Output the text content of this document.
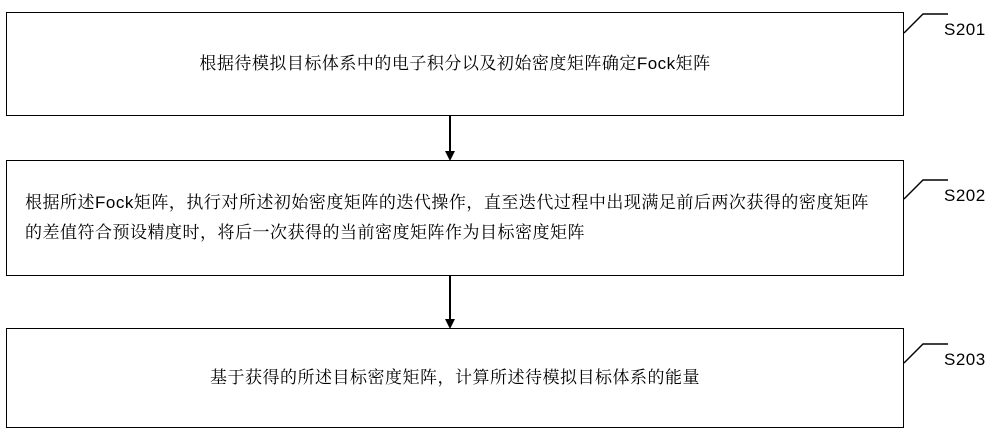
根据待模拟目标体系中的电子积分以及初始密度矩阵确定Fock矩阵
S201
根据所述Fock矩阵，执行对所述初始密度矩阵的迭代操作，直至迭代过程中出现满足前后两次获得的密度矩阵的差值符合预设精度时，将后一次获得的当前密度矩阵作为目标密度矩阵
S202
基于获得的所述目标密度矩阵，计算所述待模拟目标体系的能量
S203
